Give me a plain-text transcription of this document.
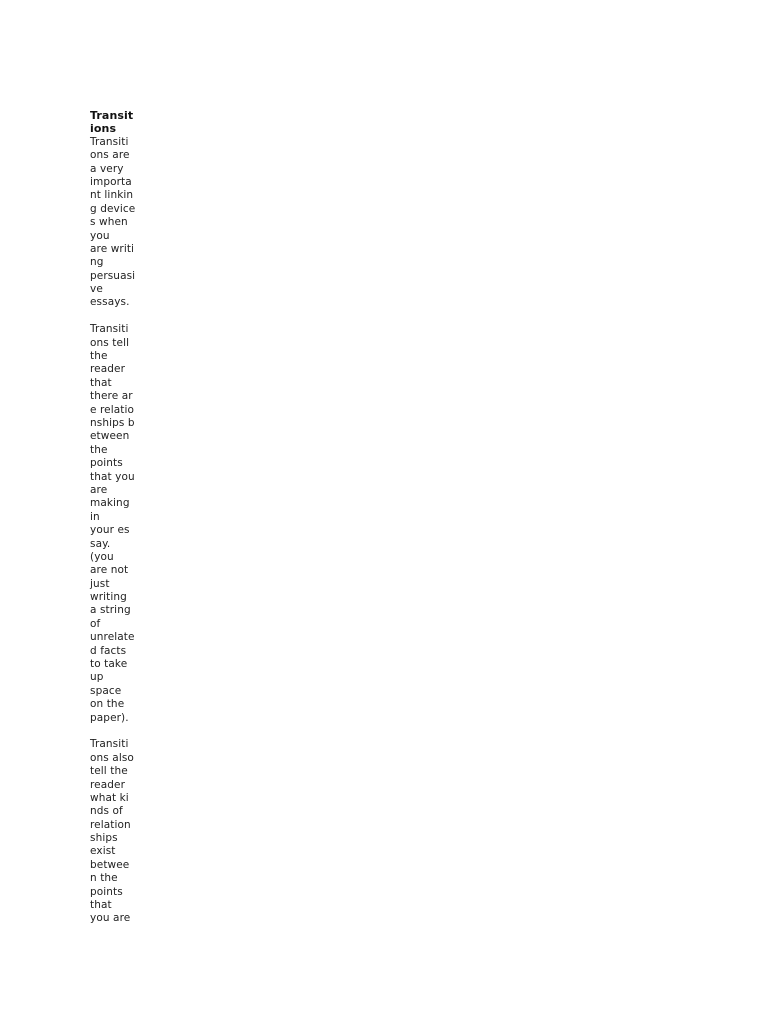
Transit
ions
Transiti
ons are
a very
importa
nt linkin
g device
s when
you
are writi
ng
persuasi
ve
essays.
Transiti
ons tell
the
reader
that
there ar
e relatio
nships b
etween
the
points
that you
are
making
in
your es
say.
(you
are not
just
writing
a string
of
unrelate
d facts
to take
up
space
on the
paper).
Transiti
ons also
tell the
reader
what ki
nds of
relation
ships
exist
betwee
n the
points
that
you are
